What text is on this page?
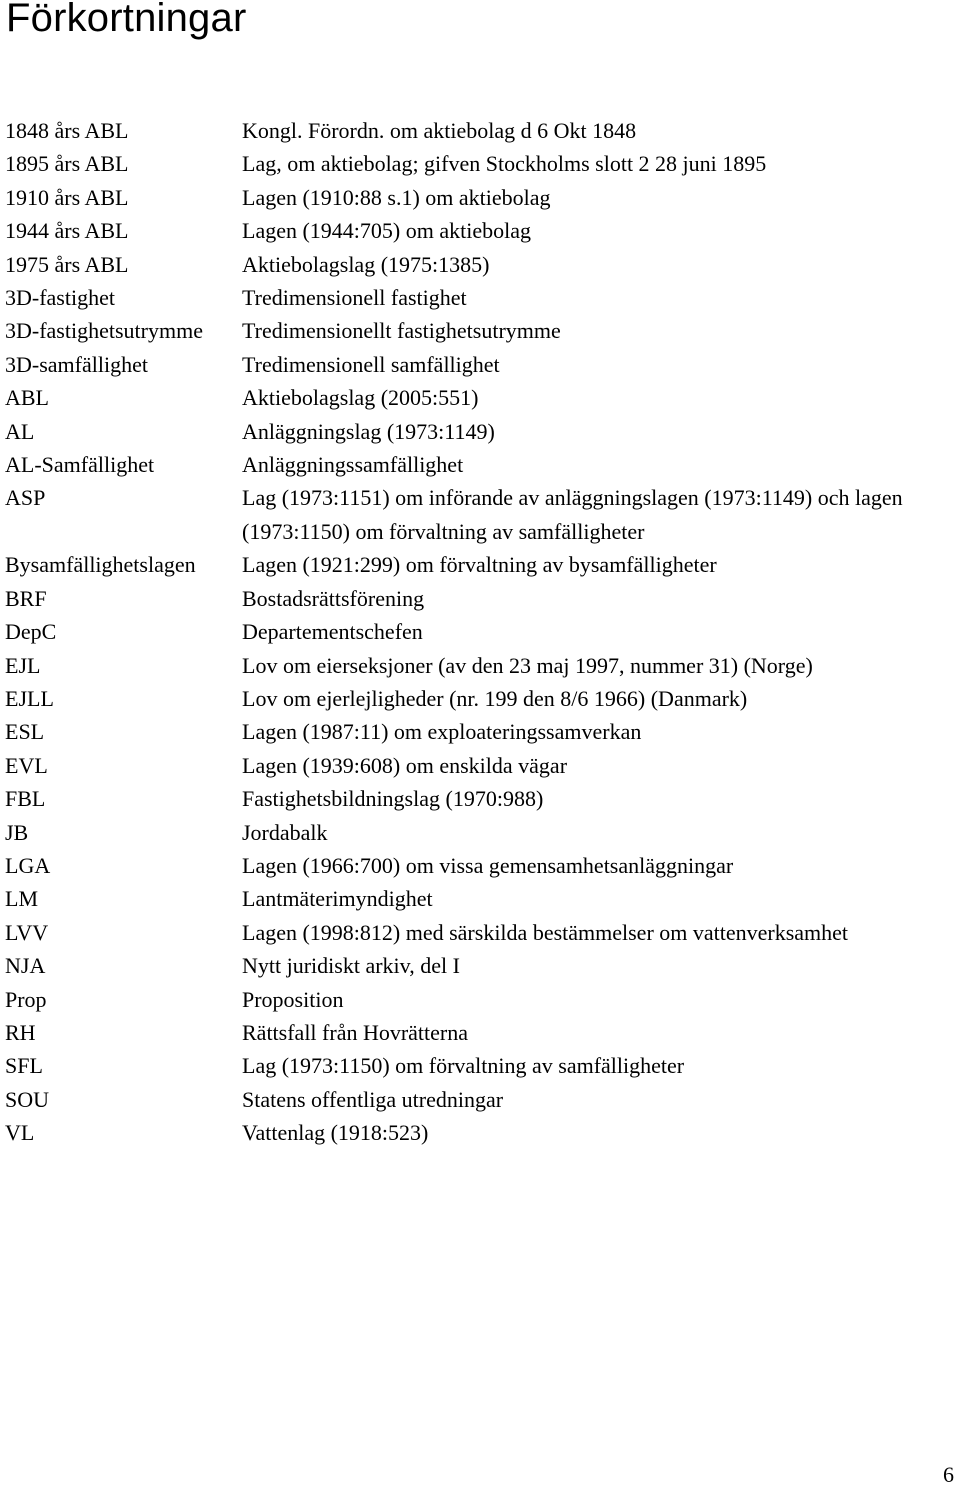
Förkortningar
1848 års ABL	Kongl. Förordn. om aktiebolag d 6 Okt 1848
1895 års ABL	Lag, om aktiebolag; gifven Stockholms slott 2 28 juni 1895
1910 års ABL	Lagen (1910:88 s.1) om aktiebolag
1944 års ABL	Lagen (1944:705) om aktiebolag
1975 års ABL	Aktiebolagslag (1975:1385)
3D-fastighet	Tredimensionell fastighet
3D-fastighetsutrymme	Tredimensionellt fastighetsutrymme
3D-samfällighet	Tredimensionell samfällighet
ABL	Aktiebolagslag (2005:551)
AL	Anläggningslag (1973:1149)
AL-Samfällighet	Anläggningssamfällighet
ASP	Lag (1973:1151) om införande av anläggningslagen (1973:1149) och lagen (1973:1150) om förvaltning av samfälligheter
Bysamfällighetslagen	Lagen (1921:299) om förvaltning av bysamfälligheter
BRF	Bostadsrättsförening
DepC	Departementschefen
EJL	Lov om eierseksjoner (av den 23 maj 1997, nummer 31) (Norge)
EJLL	Lov om ejerlejligheder (nr. 199 den 8/6 1966) (Danmark)
ESL	Lagen (1987:11) om exploateringssamverkan
EVL	Lagen (1939:608) om enskilda vägar
FBL	Fastighetsbildningslag (1970:988)
JB	Jordabalk
LGA	Lagen (1966:700) om vissa gemensamhetsanläggningar
LM	Lantmäterimyndighet
LVV	Lagen (1998:812) med särskilda bestämmelser om vattenverksamhet
NJA	Nytt juridiskt arkiv, del I
Prop	Proposition
RH	Rättsfall från Hovrätterna
SFL	Lag (1973:1150) om förvaltning av samfälligheter
SOU	Statens offentliga utredningar
VL	Vattenlag (1918:523)
6
